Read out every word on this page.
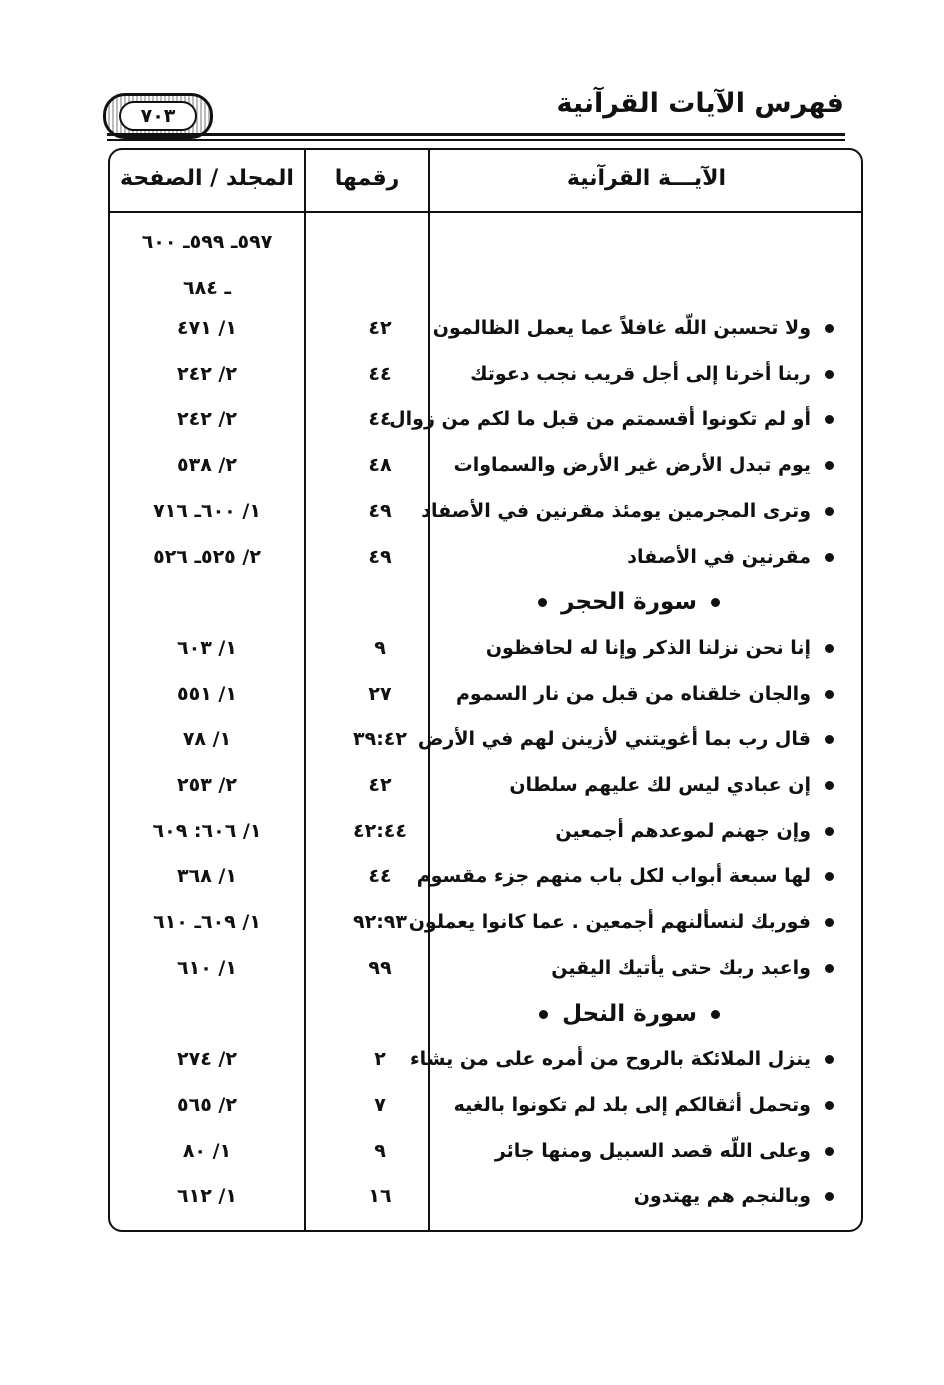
فهرس الآيات القرآنية
٧٠٣
الآيـــة القرآنية
رقمها
المجلد / الصفحة
٥٩٧ـ ٥٩٩ـ ٦٠٠
ـ ٦٨٤
ولا تحسبن اللّه غافلاً عما يعمل الظالمون
٤٢
١/ ٤٧١
ربنا أخرنا إلى أجل قريب نجب دعوتك
٤٤
٢/ ٢٤٢
أو لم تكونوا أقسمتم من قبل ما لكم من زوال
٤٤
٢/ ٢٤٢
يوم تبدل الأرض غير الأرض والسماوات
٤٨
٢/ ٥٣٨
وترى المجرمين يومئذ مقرنين في الأصفاد
٤٩
١/ ٦٠٠ـ ٧١٦
مقرنين في الأصفاد
٤٩
٢/ ٥٢٥ـ ٥٢٦
سورة الحجر
إنا نحن نزلنا الذكر وإنا له لحافظون
٩
١/ ٦٠٣
والجان خلقناه من قبل من نار السموم
٢٧
١/ ٥٥١
قال رب بما أغويتني لأزينن لهم في الأرض
٣٩:٤٢
١/ ٧٨
إن عبادي ليس لك عليهم سلطان
٤٢
٢/ ٢٥٣
وإن جهنم لموعدهم أجمعين
٤٢:٤٤
١/ ٦٠٦: ٦٠٩
لها سبعة أبواب لكل باب منهم جزء مقسوم
٤٤
١/ ٣٦٨
فوربك لنسألنهم أجمعين . عما كانوا يعملون
٩٢:٩٣
١/ ٦٠٩ـ ٦١٠
واعبد ربك حتى يأتيك اليقين
٩٩
١/ ٦١٠
سورة النحل
ينزل الملائكة بالروح من أمره على من يشاء
٢
٢/ ٢٧٤
وتحمل أثقالكم إلى بلد لم تكونوا بالغيه
٧
٢/ ٥٦٥
وعلى اللّه قصد السبيل ومنها جائر
٩
١/ ٨٠
وبالنجم هم يهتدون
١٦
١/ ٦١٢
